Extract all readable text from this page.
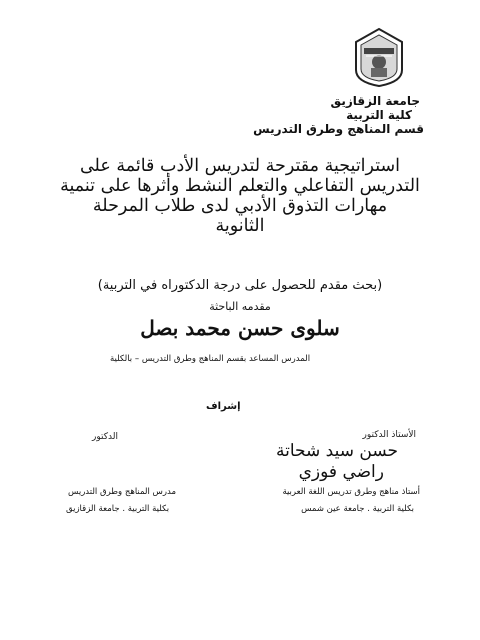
جامعة الزقازيق
كلية التربية
قسم المناهج وطرق التدريس
استراتيجية مقترحة لتدريس الأدب قائمة على
التدريس التفاعلي والتعلم النشط وأثرها على تنمية
مهارات التذوق الأدبي لدى طلاب المرحلة
الثانوية
(بحث مقدم للحصول على درجة الدكتوراه في التربية)
مقدمه الباحثة
سلوى حسن محمد بصل
المدرس المساعد بقسم المناهج وطرق التدريس – بالكلية
إشراف
الأستاذ الدكتور
حسن سيد شحاتة
راضي فوزي
أستاذ مناهج وطرق تدريس اللغة العربية
بكلية التربية . جامعة عين شمس
الدكتور
مدرس المناهج وطرق التدريس
بكلية التربية . جامعة الزقازيق
